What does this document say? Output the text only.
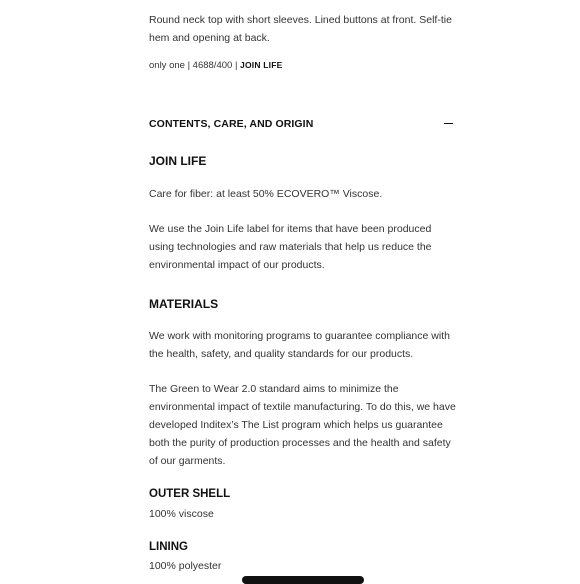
Round neck top with short sleeves. Lined buttons at front. Self-tie hem and opening at back.
only one | 4688/400 | JOIN LIFE
CONTENTS, CARE, AND ORIGIN
JOIN LIFE
Care for fiber: at least 50% ECOVERO™ Viscose.
We use the Join Life label for items that have been produced using technologies and raw materials that help us reduce the environmental impact of our products.
MATERIALS
We work with monitoring programs to guarantee compliance with the health, safety, and quality standards for our products.
The Green to Wear 2.0 standard aims to minimize the environmental impact of textile manufacturing. To do this, we have developed Inditex’s The List program which helps us guarantee both the purity of production processes and the health and safety of our garments.
OUTER SHELL
100% viscose
LINING
100% polyester
